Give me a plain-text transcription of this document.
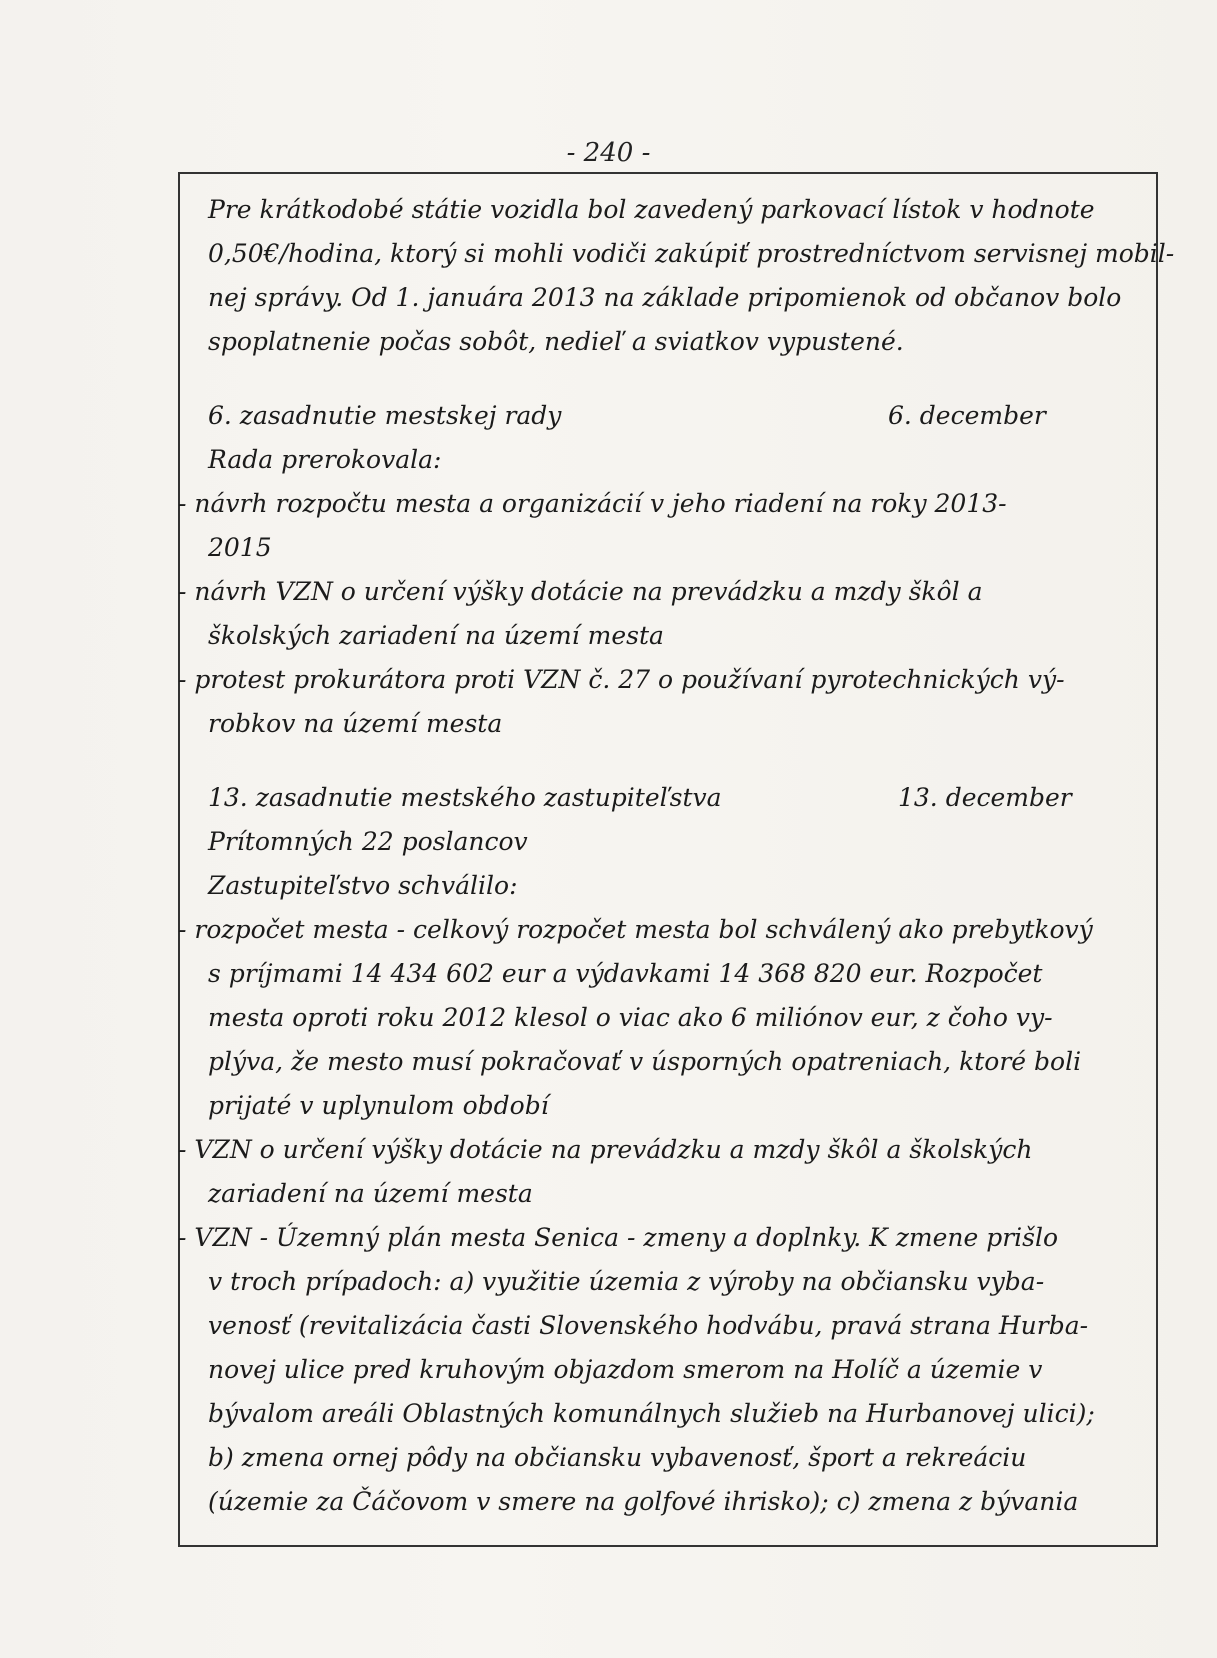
- 240 -
Pre krátkodobé státie vozidla bol zavedený parkovací lístok v hodnote
0,50€/hodina, ktorý si mohli vodiči zakúpiť prostredníctvom servisnej mobil-
nej správy. Od 1. januára 2013 na základe pripomienok od občanov bolo
spoplatnenie počas sobôt, nedieľ a sviatkov vypustené.
6. zasadnutie mestskej rady	6. december
Rada prerokovala:
- návrh rozpočtu mesta a organizácií v jeho riadení na roky 2013-
2015
- návrh VZN o určení výšky dotácie na prevádzku a mzdy škôl a
školských zariadení na území mesta
- protest prokurátora proti VZN č. 27 o používaní pyrotechnických vý-
robkov na území mesta
13. zasadnutie mestského zastupiteľstva	13. december
Prítomných 22 poslancov
Zastupiteľstvo schválilo:
- rozpočet mesta - celkový rozpočet mesta bol schválený ako prebytkový
s príjmami 14 434 602 eur a výdavkami 14 368 820 eur. Rozpočet
mesta oproti roku 2012 klesol o viac ako 6 miliónov eur, z čoho vy-
plýva, že mesto musí pokračovať v úsporných opatreniach, ktoré boli
prijaté v uplynulom období
- VZN o určení výšky dotácie na prevádzku a mzdy škôl a školských
zariadení na území mesta
- VZN - Územný plán mesta Senica - zmeny a doplnky. K zmene prišlo
v troch prípadoch: a) využitie územia z výroby na občiansku vyba-
venosť (revitalizácia časti Slovenského hodvábu, pravá strana Hurba-
novej ulice pred kruhovým objazdom smerom na Holíč a územie v
bývalom areáli Oblastných komunálnych služieb na Hurbanovej ulici);
b) zmena ornej pôdy na občiansku vybavenosť, šport a rekreáciu
(územie za Čáčovom v smere na golfové ihrisko); c) zmena z bývania
